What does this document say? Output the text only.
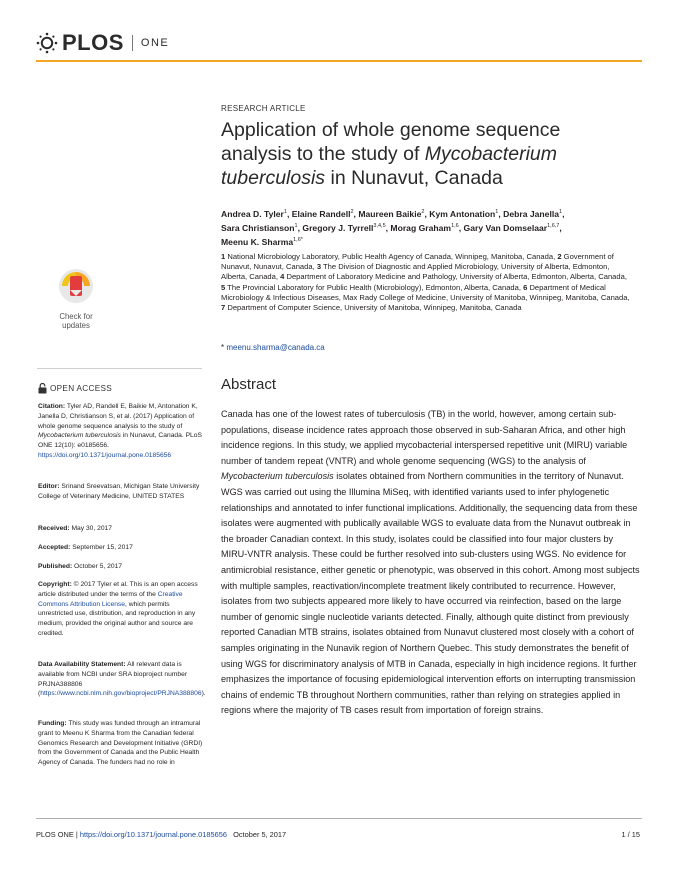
PLOS ONE
Check for
updates
OPEN ACCESS
Citation: Tyler AD, Randell E, Baikie M, Antonation K, Janella D, Christianson S, et al. (2017) Application of whole genome sequence analysis to the study of Mycobacterium tuberculosis in Nunavut, Canada. PLoS ONE 12(10): e0185656. https://doi.org/10.1371/journal.pone.0185656
Editor: Srinand Sreevatsan, Michigan State University College of Veterinary Medicine, UNITED STATES
Received: May 30, 2017
Accepted: September 15, 2017
Published: October 5, 2017
Copyright: © 2017 Tyler et al. This is an open access article distributed under the terms of the Creative Commons Attribution License, which permits unrestricted use, distribution, and reproduction in any medium, provided the original author and source are credited.
Data Availability Statement: All relevant data is available from NCBI under SRA bioproject number PRJNA388806 (https://www.ncbi.nlm.nih.gov/bioproject/PRJNA388806).
Funding: This study was funded through an intramural grant to Meenu K Sharma from the Canadian federal Genomics Research and Development Initiative (GRDI) from the Government of Canada and the Public Health Agency of Canada. The funders had no role in
RESEARCH ARTICLE
Application of whole genome sequence analysis to the study of Mycobacterium tuberculosis in Nunavut, Canada
Andrea D. Tyler$^1$, Elaine Randell$^2$, Maureen Baikie$^2$, Kym Antonation$^1$, Debra Janella$^1$,
Sara Christianson$^1$, Gregory J. Tyrrell$^{3,4,5}$, Morag Graham$^{1,6}$, Gary Van Domselaar$^{1,6,7}$,
Meenu K. Sharma$^{1,6*}$
1 National Microbiology Laboratory, Public Health Agency of Canada, Winnipeg, Manitoba, Canada, 2 Government of Nunavut, Nunavut, Canada, 3 The Division of Diagnostic and Applied Microbiology, University of Alberta, Edmonton, Alberta, Canada, 4 Department of Laboratory Medicine and Pathology, University of Alberta, Edmonton, Alberta, Canada, 5 The Provincial Laboratory for Public Health (Microbiology), Edmonton, Alberta, Canada, 6 Department of Medical Microbiology & Infectious Diseases, Max Rady College of Medicine, University of Manitoba, Winnipeg, Manitoba, Canada, 7 Department of Computer Science, University of Manitoba, Winnipeg, Manitoba, Canada
* meenu.sharma@canada.ca
Abstract
Canada has one of the lowest rates of tuberculosis (TB) in the world, however, among certain sub-populations, disease incidence rates approach those observed in sub-Saharan Africa, and other high incidence regions. In this study, we applied mycobacterial interspersed repetitive unit (MIRU) variable number of tandem repeat (VNTR) and whole genome sequencing (WGS) to the analysis of Mycobacterium tuberculosis isolates obtained from Northern communities in the territory of Nunavut. WGS was carried out using the Illumina MiSeq, with identified variants used to infer phylogenetic relationships and annotated to infer functional implications. Additionally, the sequencing data from these isolates were augmented with publically available WGS to evaluate data from the Nunavut outbreak in the broader Canadian context. In this study, isolates could be classified into four major clusters by MIRU-VNTR analysis. These could be further resolved into sub-clusters using WGS. No evidence for antimicrobial resistance, either genetic or phenotypic, was observed in this cohort. Among most subjects with multiple samples, reactivation/incomplete treatment likely contributed to recurrence. However, isolates from two subjects appeared more likely to have occurred via reinfection, based on the large number of genomic single nucleotide variants detected. Finally, although quite distinct from previously reported Canadian MTB strains, isolates obtained from Nunavut clustered most closely with a cohort of samples originating in the Nunavik region of Northern Quebec. This study demonstrates the benefit of using WGS for discriminatory analysis of MTB in Canada, especially in high incidence regions. It further emphasizes the importance of focusing epidemiological intervention efforts on interrupting transmission chains of endemic TB throughout Northern communities, rather than relying on strategies applied in regions where the majority of TB cases result from importation of foreign strains.
PLOS ONE | https://doi.org/10.1371/journal.pone.0185656 October 5, 2017	1 / 15
